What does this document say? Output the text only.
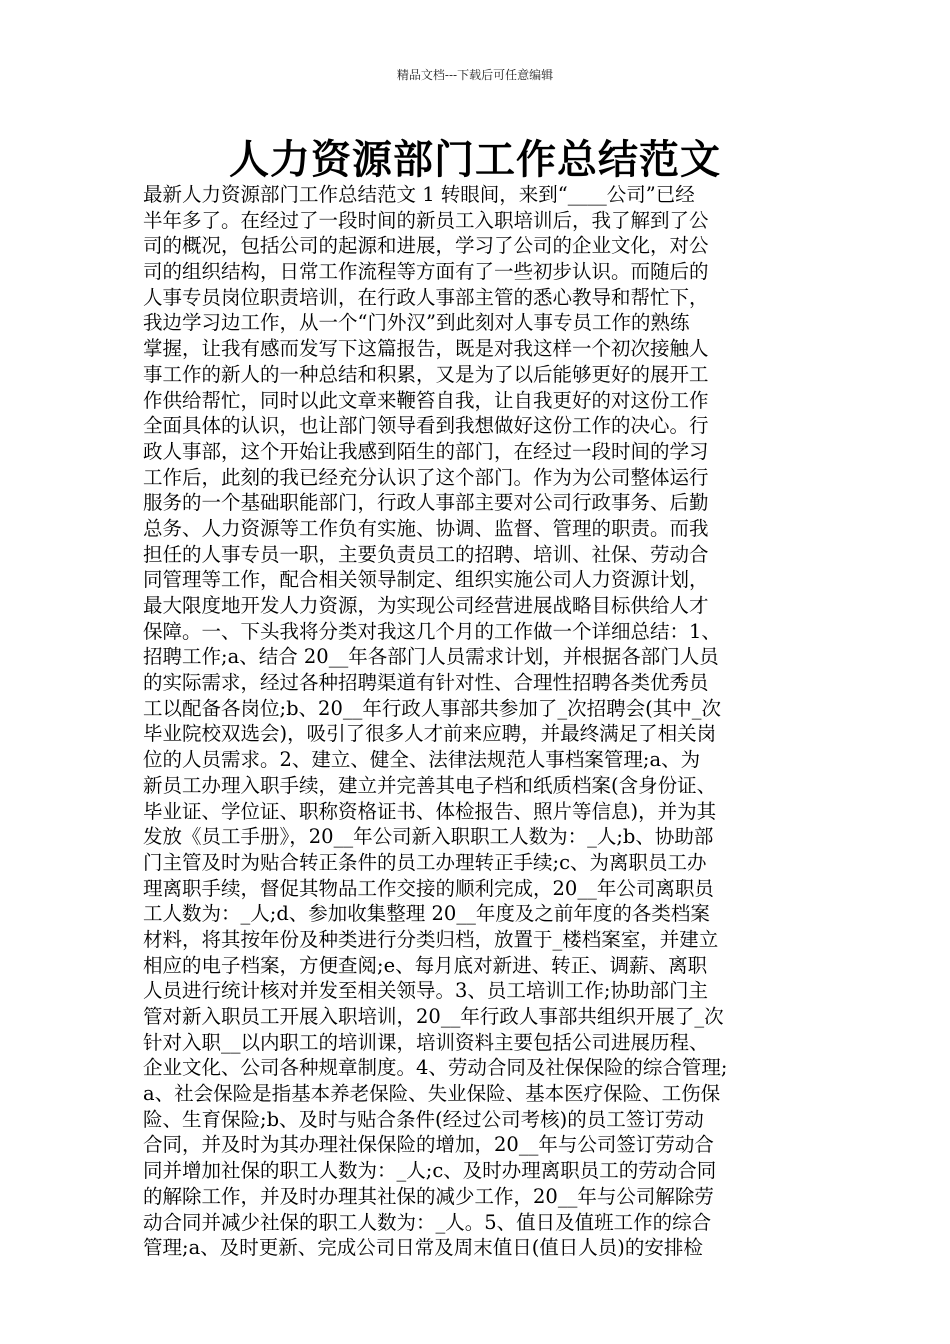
精品文档---下载后可任意编辑
人力资源部门工作总结范文
最新人力资源部门工作总结范文 1 转眼间，来到“____公司”已经
半年多了。在经过了一段时间的新员工入职培训后，我了解到了公
司的概况，包括公司的起源和进展，学习了公司的企业文化，对公
司的组织结构，日常工作流程等方面有了一些初步认识。而随后的
人事专员岗位职责培训，在行政人事部主管的悉心教导和帮忙下，
我边学习边工作，从一个“门外汉”到此刻对人事专员工作的熟练
掌握，让我有感而发写下这篇报告，既是对我这样一个初次接触人
事工作的新人的一种总结和积累，又是为了以后能够更好的展开工
作供给帮忙，同时以此文章来鞭笞自我，让自我更好的对这份工作
全面具体的认识，也让部门领导看到我想做好这份工作的决心。行
政人事部，这个开始让我感到陌生的部门，在经过一段时间的学习
工作后，此刻的我已经充分认识了这个部门。作为为公司整体运行
服务的一个基础职能部门，行政人事部主要对公司行政事务、后勤
总务、人力资源等工作负有实施、协调、监督、管理的职责。而我
担任的人事专员一职，主要负责员工的招聘、培训、社保、劳动合
同管理等工作，配合相关领导制定、组织实施公司人力资源计划，
最大限度地开发人力资源，为实现公司经营进展战略目标供给人才
保障。一、下头我将分类对我这几个月的工作做一个详细总结：1、
招聘工作;a、结合 20__年各部门人员需求计划，并根据各部门人员
的实际需求，经过各种招聘渠道有针对性、合理性招聘各类优秀员
工以配备各岗位;b、20__年行政人事部共参加了_次招聘会(其中_次
毕业院校双选会)，吸引了很多人才前来应聘，并最终满足了相关岗
位的人员需求。2、建立、健全、法律法规范人事档案管理;a、为
新员工办理入职手续，建立并完善其电子档和纸质档案(含身份证、
毕业证、学位证、职称资格证书、体检报告、照片等信息)，并为其
发放《员工手册》，20__年公司新入职职工人数为：_人;b、协助部
门主管及时为贴合转正条件的员工办理转正手续;c、为离职员工办
理离职手续，督促其物品工作交接的顺利完成，20__年公司离职员
工人数为：_人;d、参加收集整理 20__年度及之前年度的各类档案
材料，将其按年份及种类进行分类归档，放置于_楼档案室，并建立
相应的电子档案，方便查阅;e、每月底对新进、转正、调薪、离职
人员进行统计核对并发至相关领导。3、员工培训工作;协助部门主
管对新入职员工开展入职培训，20__年行政人事部共组织开展了_次
针对入职__以内职工的培训课，培训资料主要包括公司进展历程、
企业文化、公司各种规章制度。4、劳动合同及社保保险的综合管理;
a、社会保险是指基本养老保险、失业保险、基本医疗保险、工伤保
险、生育保险;b、及时与贴合条件(经过公司考核)的员工签订劳动
合同，并及时为其办理社保保险的增加，20__年与公司签订劳动合
同并增加社保的职工人数为：_人;c、及时办理离职员工的劳动合同
的解除工作，并及时办理其社保的减少工作，20__年与公司解除劳
动合同并减少社保的职工人数为：_人。5、值日及值班工作的综合
管理;a、及时更新、完成公司日常及周末值日(值日人员)的安排检
